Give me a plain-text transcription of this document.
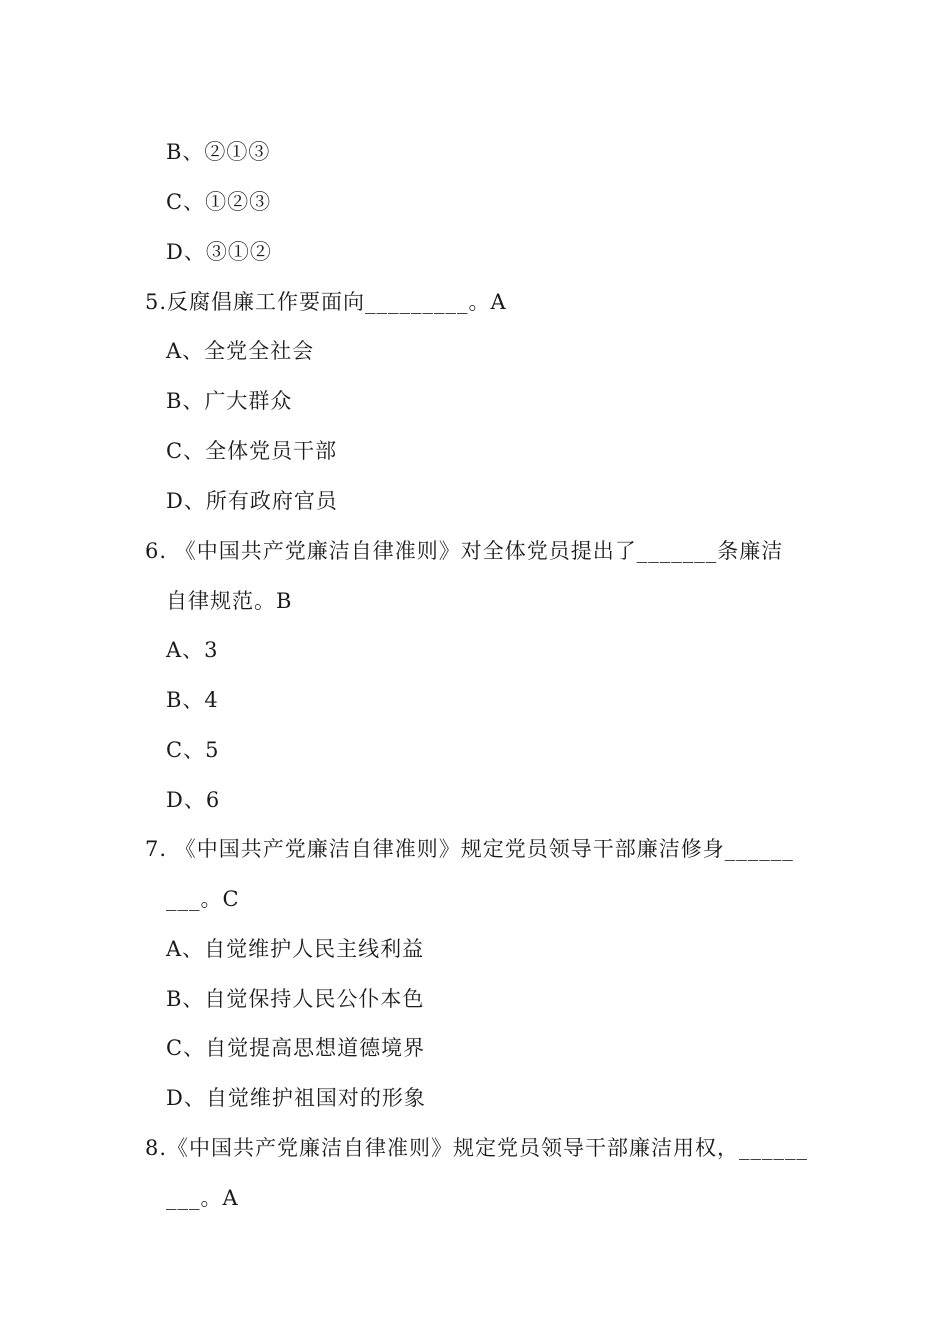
B、②①③
C、①②③
D、③①②
5.反腐倡廉工作要面向_________。A
A、全党全社会
B、广大群众
C、全体党员干部
D、所有政府官员
6. 《中国共产党廉洁自律准则》对全体党员提出了_______条廉洁
自律规范。B
A、3
B、4
C、5
D、6
7. 《中国共产党廉洁自律准则》规定党员领导干部廉洁修身______
___。C
A、自觉维护人民主线利益
B、自觉保持人民公仆本色
C、自觉提高思想道德境界
D、自觉维护祖国对的形象
8.《中国共产党廉洁自律准则》规定党员领导干部廉洁用权，______
___。A
